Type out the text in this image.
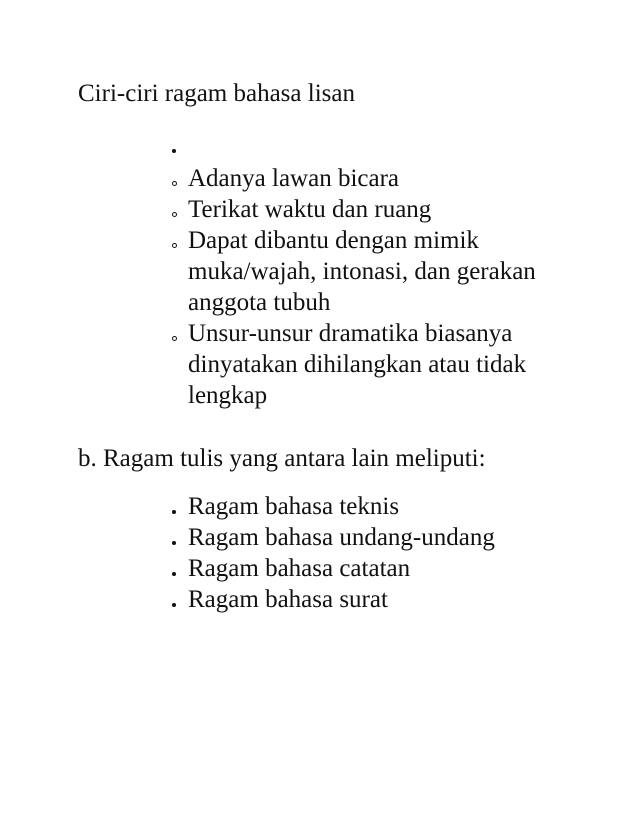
Ciri-ciri ragam bahasa lisan

Adanya lawan bicara
Terikat waktu dan ruang
Dapat dibantu dengan mimik muka/wajah, intonasi, dan gerakan anggota tubuh
Unsur-unsur dramatika biasanya dinyatakan dihilangkan atau tidak lengkap

b. Ragam tulis yang antara lain meliputi:

Ragam bahasa teknis
Ragam bahasa undang-undang
Ragam bahasa catatan
Ragam bahasa surat
